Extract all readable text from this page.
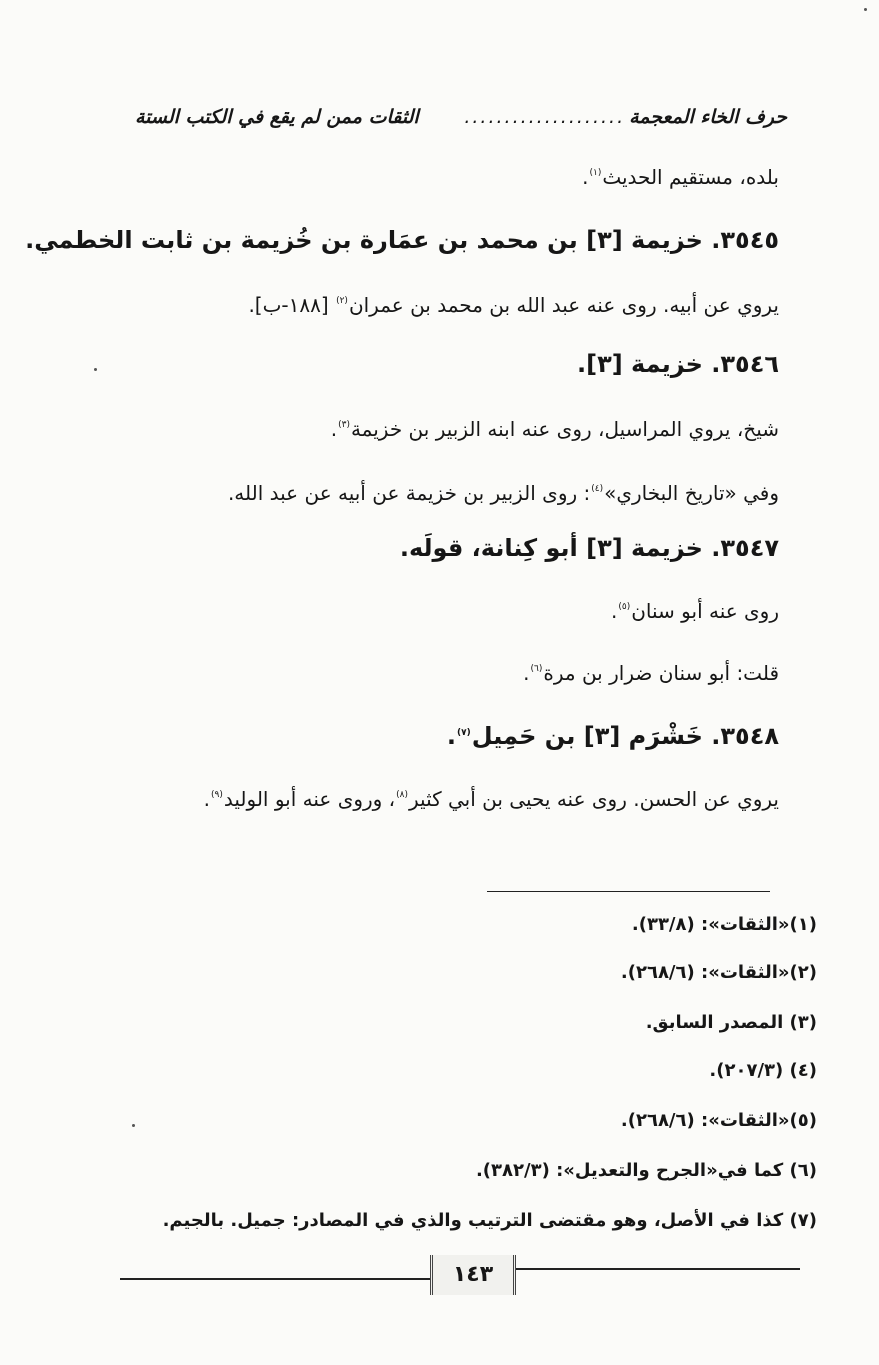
حرف الخاء المعجمة
....................
الثقات ممن لم يقع في الكتب الستة
بلده، مستقيم الحديث$^{(١)}$.
٣٥٤٥. خزيمة [٣] بن محمد بن عمَارة بن خُزيمة بن ثابت الخطمي.
يروي عن أبيه. روى عنه عبد الله بن محمد بن عمران$^{(٢)}$ [١٨٨-ب].
٣٥٤٦. خزيمة [٣].
شيخ، يروي المراسيل، روى عنه ابنه الزبير بن خزيمة$^{(٣)}$.
وفي «تاريخ البخاري»$^{(٤)}$: روى الزبير بن خزيمة عن أبيه عن عبد الله.
٣٥٤٧. خزيمة [٣] أبو كِنانة، قولَه.
روى عنه أبو سنان$^{(٥)}$.
قلت: أبو سنان ضرار بن مرة$^{(٦)}$.
٣٥٤٨. خَشْرَم [٣] بن حَمِيل$^{(٧)}$.
يروي عن الحسن. روى عنه يحيى بن أبي كثير$^{(٨)}$، وروى عنه أبو الوليد$^{(٩)}$.
(١)«الثقات»: (٣٣/٨).
(٢)«الثقات»: (٢٦٨/٦).
(٣) المصدر السابق.
(٤) (٢٠٧/٣).
(٥)«الثقات»: (٢٦٨/٦).
(٦) كما في«الجرح والتعديل»: (٣٨٢/٣).
(٧) كذا في الأصل، وهو مقتضى الترتيب والذي في المصادر: جميل. بالجيم.
١٤٣
